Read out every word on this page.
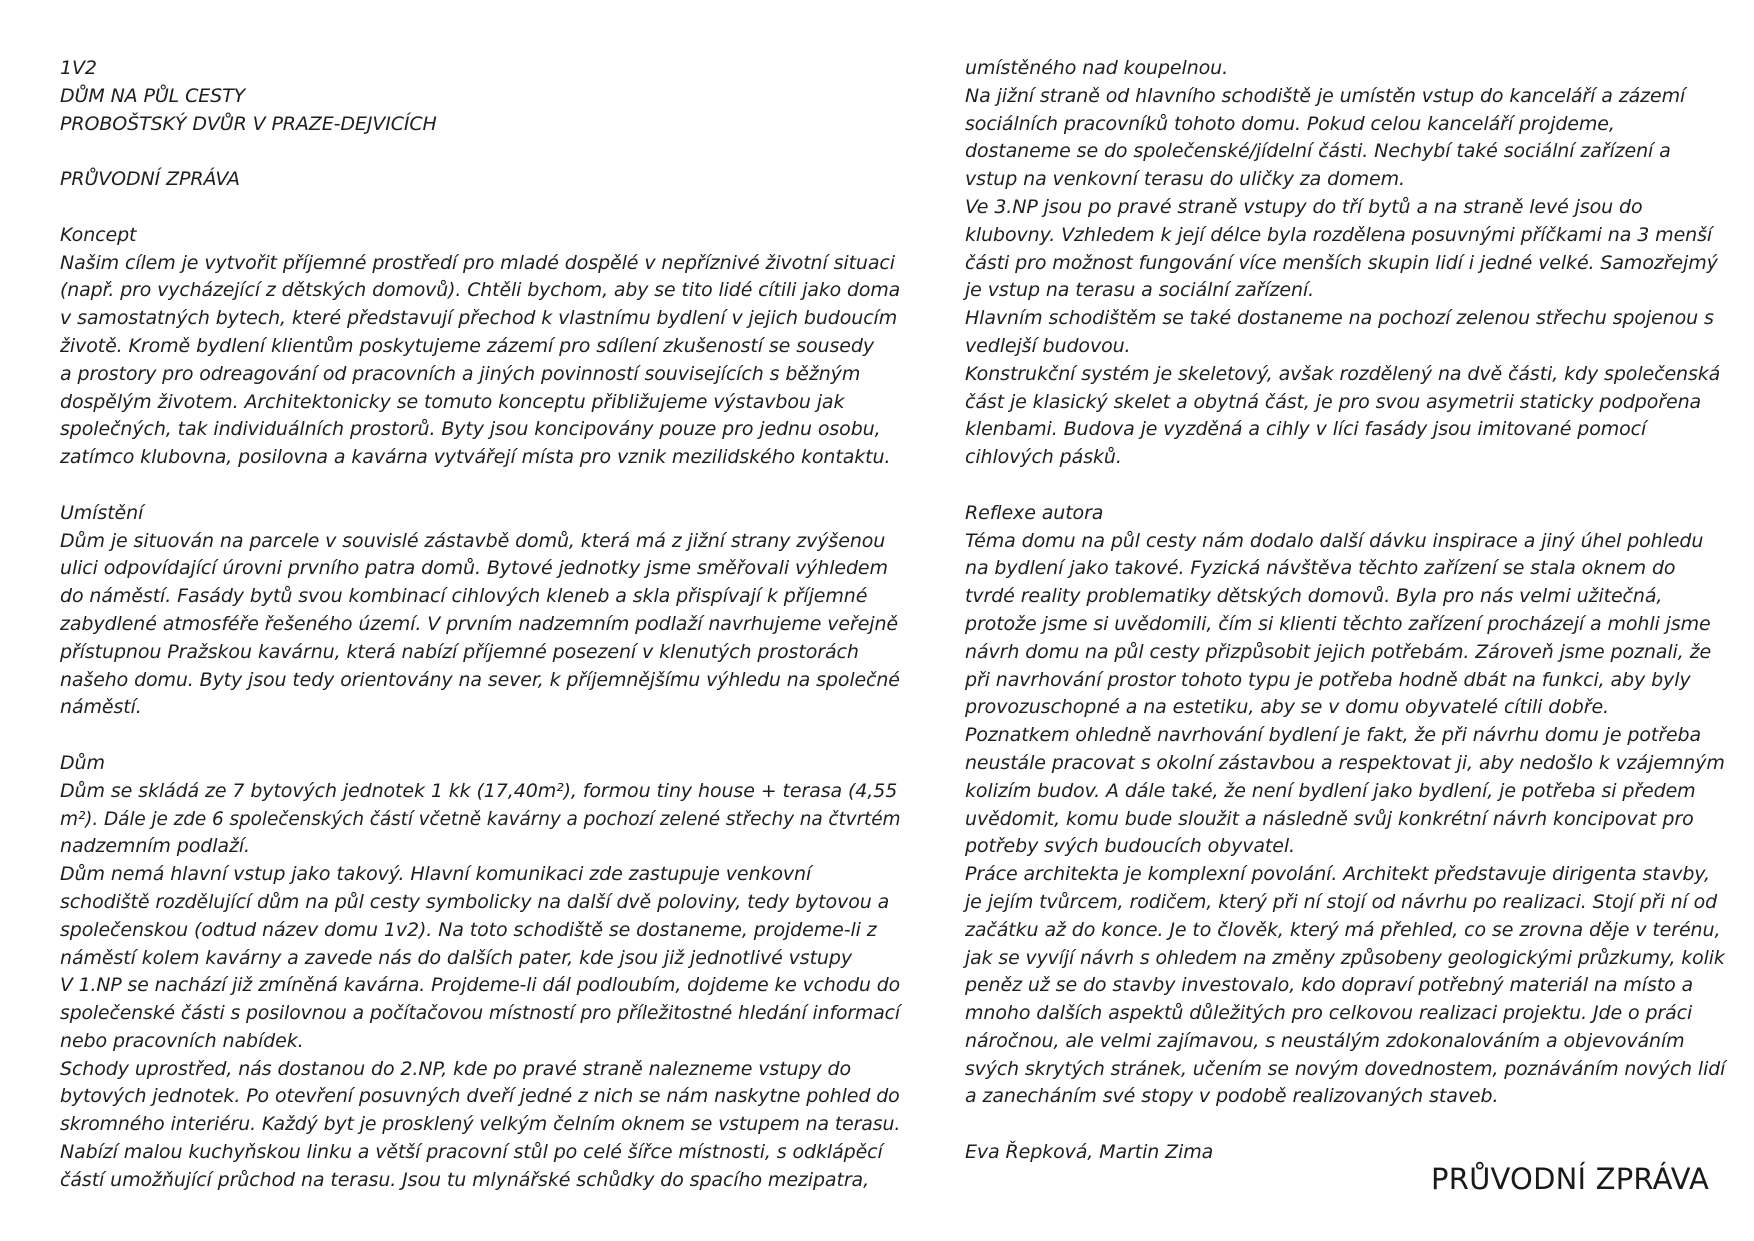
1V2
DŮM NA PŮL CESTY
PROBOŠTSKÝ DVŮR V PRAZE-DEJVICÍCH
PRŮVODNÍ ZPRÁVA
Koncept
Našim cílem je vytvořit příjemné prostředí pro mladé dospělé v nepříznivé životní situaci
(např. pro vycházející z dětských domovů). Chtěli bychom, aby se tito lidé cítili jako doma
v samostatných bytech, které představují přechod k vlastnímu bydlení v jejich budoucím
životě. Kromě bydlení klientům poskytujeme zázemí pro sdílení zkušeností se sousedy
a prostory pro odreagování od pracovních a jiných povinností souvisejících s běžným
dospělým životem. Architektonicky se tomuto konceptu přibližujeme výstavbou jak
společných, tak individuálních prostorů. Byty jsou koncipovány pouze pro jednu osobu,
zatímco klubovna, posilovna a kavárna vytvářejí místa pro vznik mezilidského kontaktu.
Umístění
Dům je situován na parcele v souvislé zástavbě domů, která má z jižní strany zvýšenou
ulici odpovídající úrovni prvního patra domů. Bytové jednotky jsme směřovali výhledem
do náměstí. Fasády bytů svou kombinací cihlových kleneb a skla přispívají k příjemné
zabydlené atmosféře řešeného území. V prvním nadzemním podlaží navrhujeme veřejně
přístupnou Pražskou kavárnu, která nabízí příjemné posezení v klenutých prostorách
našeho domu. Byty jsou tedy orientovány na sever, k příjemnějšímu výhledu na společné
náměstí.
Dům
Dům se skládá ze 7 bytových jednotek 1 kk (17,40m²), formou tiny house + terasa (4,55
m²). Dále je zde 6 společenských částí včetně kavárny a pochozí zelené střechy na čtvrtém
nadzemním podlaží.
Dům nemá hlavní vstup jako takový. Hlavní komunikaci zde zastupuje venkovní
schodiště rozdělující dům na půl cesty symbolicky na další dvě poloviny, tedy bytovou a
společenskou (odtud název domu 1v2). Na toto schodiště se dostaneme, projdeme-li z
náměstí kolem kavárny a zavede nás do dalších pater, kde jsou již jednotlivé vstupy
V 1.NP se nachází již zmíněná kavárna. Projdeme-li dál podloubím, dojdeme ke vchodu do
společenské části s posilovnou a počítačovou místností pro příležitostné hledání informací
nebo pracovních nabídek.
Schody uprostřed, nás dostanou do 2.NP, kde po pravé straně nalezneme vstupy do
bytových jednotek. Po otevření posuvných dveří jedné z nich se nám naskytne pohled do
skromného interiéru. Každý byt je prosklený velkým čelním oknem se vstupem na terasu.
Nabízí malou kuchyňskou linku a větší pracovní stůl po celé šířce místnosti, s odklápěcí
částí umožňující průchod na terasu. Jsou tu mlynářské schůdky do spacího mezipatra,
umístěného nad koupelnou.
Na jižní straně od hlavního schodiště je umístěn vstup do kanceláří a zázemí
sociálních pracovníků tohoto domu. Pokud celou kanceláří projdeme,
dostaneme se do společenské/jídelní části. Nechybí také sociální zařízení a
vstup na venkovní terasu do uličky za domem.
Ve 3.NP jsou po pravé straně vstupy do tří bytů a na straně levé jsou do
klubovny. Vzhledem k její délce byla rozdělena posuvnými příčkami na 3 menší
části pro možnost fungování více menších skupin lidí i jedné velké. Samozřejmý
je vstup na terasu a sociální zařízení.
Hlavním schodištěm se také dostaneme na pochozí zelenou střechu spojenou s
vedlejší budovou.
Konstrukční systém je skeletový, avšak rozdělený na dvě části, kdy společenská
část je klasický skelet a obytná část, je pro svou asymetrii staticky podpořena
klenbami. Budova je vyzděná a cihly v líci fasády jsou imitované pomocí
cihlových pásků.
Reflexe autora
Téma domu na půl cesty nám dodalo další dávku inspirace a jiný úhel pohledu
na bydlení jako takové. Fyzická návštěva těchto zařízení se stala oknem do
tvrdé reality problematiky dětských domovů. Byla pro nás velmi užitečná,
protože jsme si uvědomili, čím si klienti těchto zařízení procházejí a mohli jsme
návrh domu na půl cesty přizpůsobit jejich potřebám. Zároveň jsme poznali, že
při navrhování prostor tohoto typu je potřeba hodně dbát na funkci, aby byly
provozuschopné a na estetiku, aby se v domu obyvatelé cítili dobře.
Poznatkem ohledně navrhování bydlení je fakt, že při návrhu domu je potřeba
neustále pracovat s okolní zástavbou a respektovat ji, aby nedošlo k vzájemným
kolizím budov. A dále také, že není bydlení jako bydlení, je potřeba si předem
uvědomit, komu bude sloužit a následně svůj konkrétní návrh koncipovat pro
potřeby svých budoucích obyvatel.
Práce architekta je komplexní povolání. Architekt představuje dirigenta stavby,
je jejím tvůrcem, rodičem, který při ní stojí od návrhu po realizaci. Stojí při ní od
začátku až do konce. Je to člověk, který má přehled, co se zrovna děje v terénu,
jak se vyvíjí návrh s ohledem na změny způsobeny geologickými průzkumy, kolik
peněz už se do stavby investovalo, kdo dopraví potřebný materiál na místo a
mnoho dalších aspektů důležitých pro celkovou realizaci projektu. Jde o práci
náročnou, ale velmi zajímavou, s neustálým zdokonalováním a objevováním
svých skrytých stránek, učením se novým dovednostem, poznáváním nových lidí
a zanecháním své stopy v podobě realizovaných staveb.
Eva Řepková, Martin Zima
PRŮVODNÍ ZPRÁVA
